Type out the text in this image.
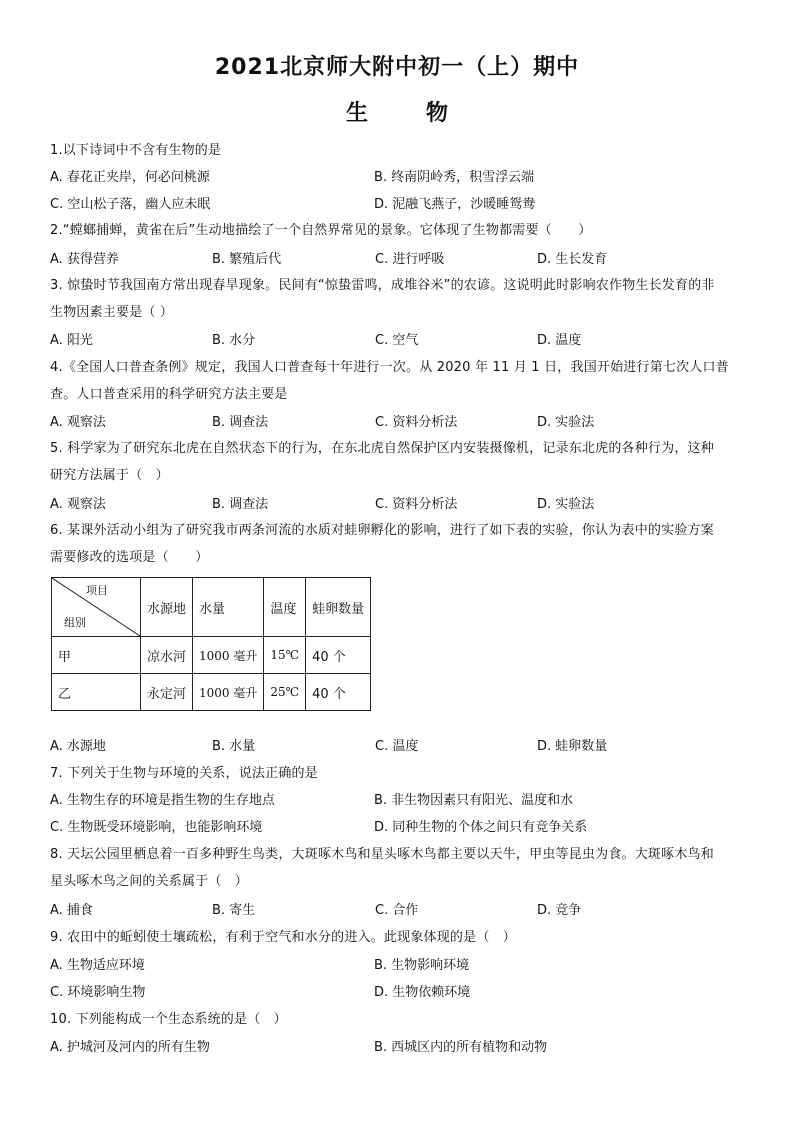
2021北京师大附中初一（上）期中
生	物
1.以下诗词中不含有生物的是
A. 春花正夹岸，何必问桃源	B. 终南阴岭秀，积雪浮云端
C. 空山松子落，幽人应未眠	D. 泥融飞燕子，沙暖睡鸳鸯
2.“螳螂捕蝉，黄雀在后”生动地描绘了一个自然界常见的景象。它体现了生物都需要（　　）
A. 获得营养	B. 繁殖后代	C. 进行呼吸	D. 生长发育
3. 惊蛰时节我国南方常出现春旱现象。民间有“惊蛰雷鸣，成堆谷米”的农谚。这说明此时影响农作物生长发育的非
生物因素主要是（ ）
A. 阳光	B. 水分	C. 空气	D. 温度
4.《全国人口普查条例》规定，我国人口普查每十年进行一次。从 2020 年 11 月 1 日，我国开始进行第七次人口普
查。人口普查采用的科学研究方法主要是
A. 观察法	B. 调查法	C. 资料分析法	D. 实验法
5. 科学家为了研究东北虎在自然状态下的行为，在东北虎自然保护区内安装摄像机，记录东北虎的各种行为，这种
研究方法属于（　）
A. 观察法	B. 调查法	C. 资料分析法	D. 实验法
6. 某课外活动小组为了研究我市两条河流的水质对蛙卵孵化的影响，进行了如下表的实验，你认为表中的实验方案
需要修改的选项是（　　）
项目
组别	水源地	水量	温度	蛙卵数量
甲	凉水河	1000 毫升	15℃	40 个
乙	永定河	1000 毫升	25℃	40 个
A. 水源地	B. 水量	C. 温度	D. 蛙卵数量
7. 下列关于生物与环境的关系，说法正确的是
A. 生物生存的环境是指生物的生存地点	B. 非生物因素只有阳光、温度和水
C. 生物既受环境影响，也能影响环境	D. 同种生物的个体之间只有竞争关系
8. 天坛公园里栖息着一百多种野生鸟类，大斑啄木鸟和星头啄木鸟都主要以天牛，甲虫等昆虫为食。大斑啄木鸟和
星头啄木鸟之间的关系属于（　）
A. 捕食	B. 寄生	C. 合作	D. 竞争
9. 农田中的蚯蚓使土壤疏松，有利于空气和水分的进入。此现象体现的是（　）
A. 生物适应环境	B. 生物影响环境
C. 环境影响生物	D. 生物依赖环境
10. 下列能构成一个生态系统的是（　）
A. 护城河及河内的所有生物	B. 西城区内的所有植物和动物
